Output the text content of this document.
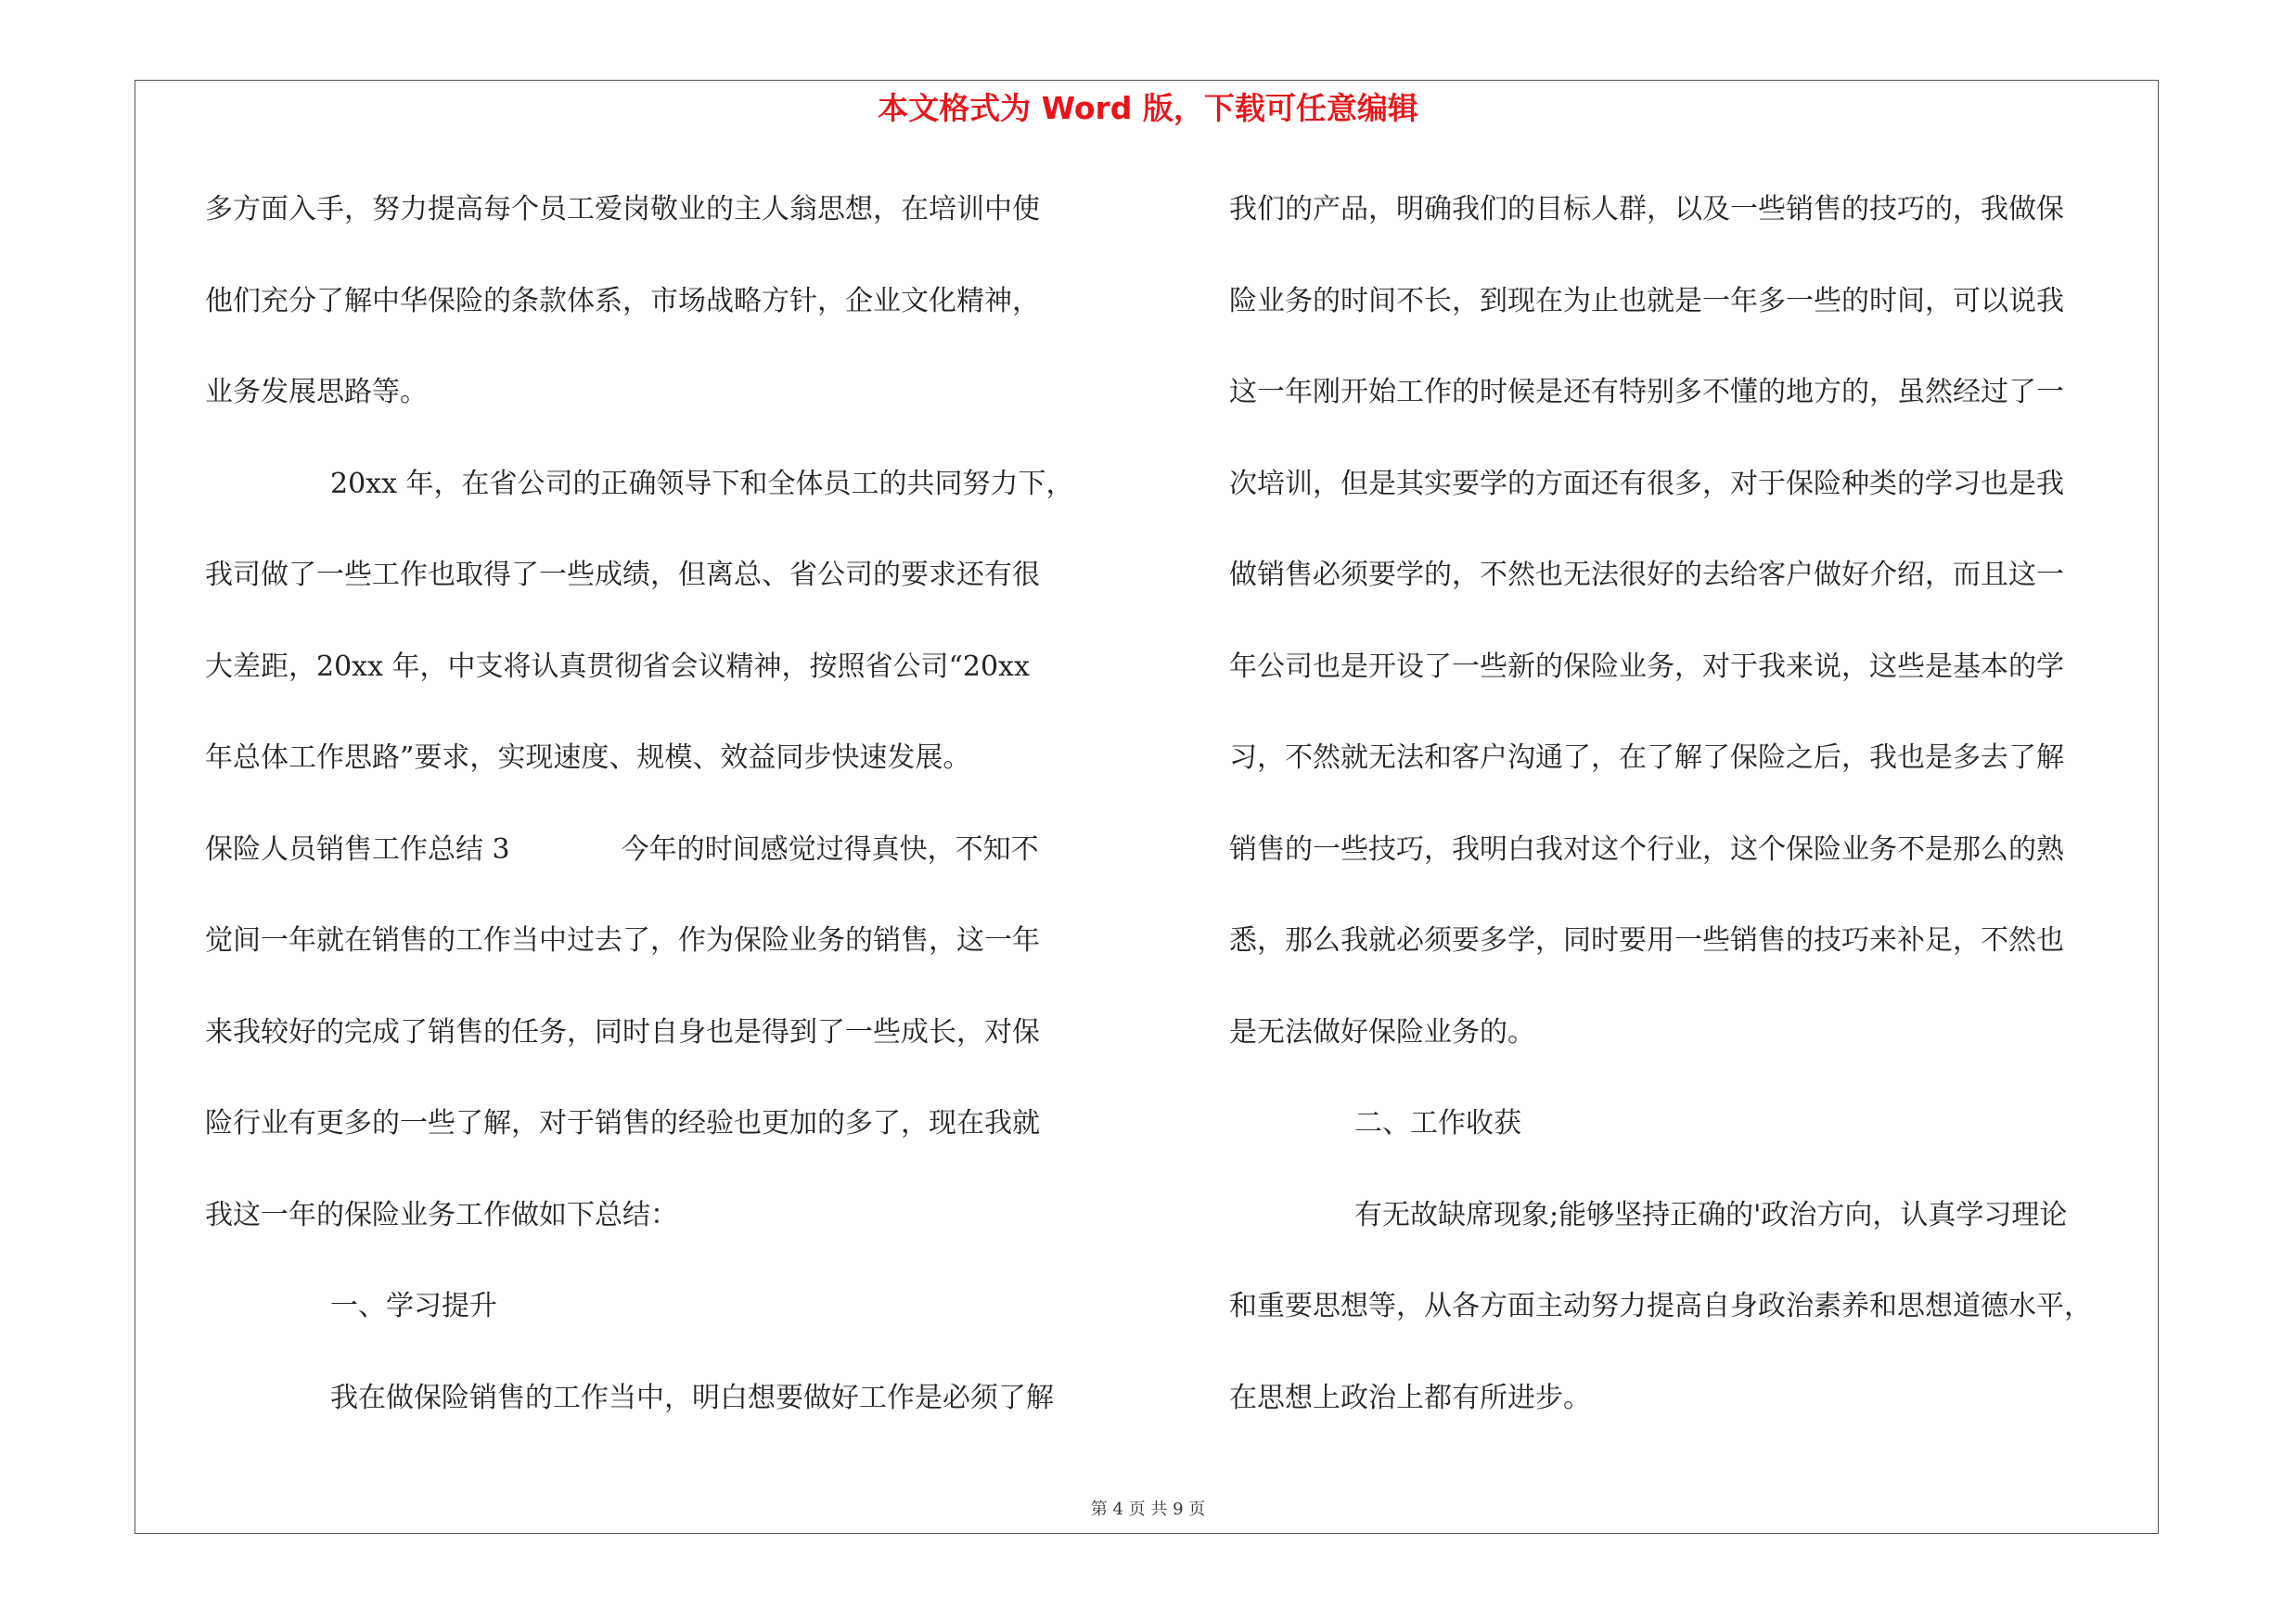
本文格式为 Word 版，下载可任意编辑
多方面入手，努力提高每个员工爱岗敬业的主人翁思想，在培训中使
他们充分了解中华保险的条款体系，市场战略方针，企业文化精神，
业务发展思路等。
20xx 年，在省公司的正确领导下和全体员工的共同努力下，
我司做了一些工作也取得了一些成绩，但离总、省公司的要求还有很
大差距，20xx 年，中支将认真贯彻省会议精神，按照省公司“20xx
年总体工作思路”要求，实现速度、规模、效益同步快速发展。
保险人员销售工作总结 3　　　　今年的时间感觉过得真快，不知不
觉间一年就在销售的工作当中过去了，作为保险业务的销售，这一年
来我较好的完成了销售的任务，同时自身也是得到了一些成长，对保
险行业有更多的一些了解，对于销售的经验也更加的多了，现在我就
我这一年的保险业务工作做如下总结：
一、学习提升
我在做保险销售的工作当中，明白想要做好工作是必须了解
我们的产品，明确我们的目标人群，以及一些销售的技巧的，我做保
险业务的时间不长，到现在为止也就是一年多一些的时间，可以说我
这一年刚开始工作的时候是还有特别多不懂的地方的，虽然经过了一
次培训，但是其实要学的方面还有很多，对于保险种类的学习也是我
做销售必须要学的，不然也无法很好的去给客户做好介绍，而且这一
年公司也是开设了一些新的保险业务，对于我来说，这些是基本的学
习，不然就无法和客户沟通了，在了解了保险之后，我也是多去了解
销售的一些技巧，我明白我对这个行业，这个保险业务不是那么的熟
悉，那么我就必须要多学，同时要用一些销售的技巧来补足，不然也
是无法做好保险业务的。
二、工作收获
有无故缺席现象;能够坚持正确的'政治方向，认真学习理论
和重要思想等，从各方面主动努力提高自身政治素养和思想道德水平，
在思想上政治上都有所进步。
第 4 页 共 9 页
